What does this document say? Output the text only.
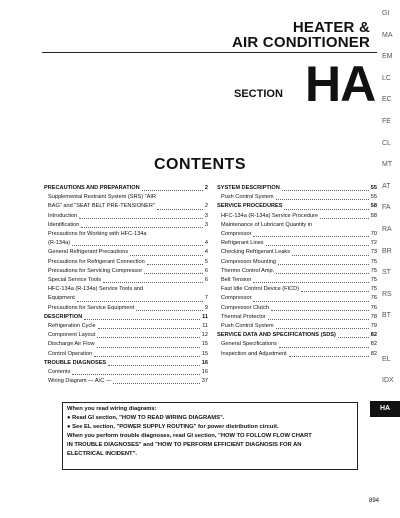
HEATER &
AIR CONDITIONER
SECTION HA
CONTENTS
PRECAUTIONS AND PREPARATION	2
Supplemental Restraint System (SRS) "AIR
BAG" and "SEAT BELT PRE-TENSIONER"	2
Introduction	3
Identification	3
Precautions for Working with HFC-134a
(R-134a)	4
General Refrigerant Precautions	4
Precautions for Refrigerant Connection	5
Precautions for Servicing Compressor	6
Special Service Tools	6
HFC-134a (R-134a) Service Tools and
Equipment	7
Precautions for Service Equipment	9
DESCRIPTION	11
Refrigeration Cycle	11
Component Layout	12
Discharge Air Flow	15
Control Operation	15
TROUBLE DIAGNOSES	16
Contents	16
Wiring Diagram — A/C —	37
SYSTEM DESCRIPTION	55
Push Control System	55
SERVICE PROCEDURES	58
HFC-134a (R-134a) Service Procedure	58
Maintenance of Lubricant Quantity in
Compressor	70
Refrigerant Lines	72
Checking Refrigerant Leaks	73
Compressor Mounting	75
Thermo Control Amp.	75
Belt Tension	75
Fast Idle Control Device (FICD)	75
Compressor	76
Compressor Clutch	76
Thermal Protector	78
Push Control System	79
SERVICE DATA AND SPECIFICATIONS (SDS)	82
General Specifications	82
Inspection and Adjustment	82
When you read wiring diagrams:
● Read GI section, "HOW TO READ WIRING DIAGRAMS".
● See EL section, "POWER SUPPLY ROUTING" for power distribution circuit.
When you perform trouble diagnoses, read GI section, "HOW TO FOLLOW FLOW CHART
IN TROUBLE DIAGNOSES" and "HOW TO PERFORM EFFICIENT DIAGNOSIS FOR AN
ELECTRICAL INCIDENT".
GI
MA
EM
LC
EC
FE
CL
MT
AT
FA
RA
BR
ST
RS
BT
HA
EL
IDX
894
